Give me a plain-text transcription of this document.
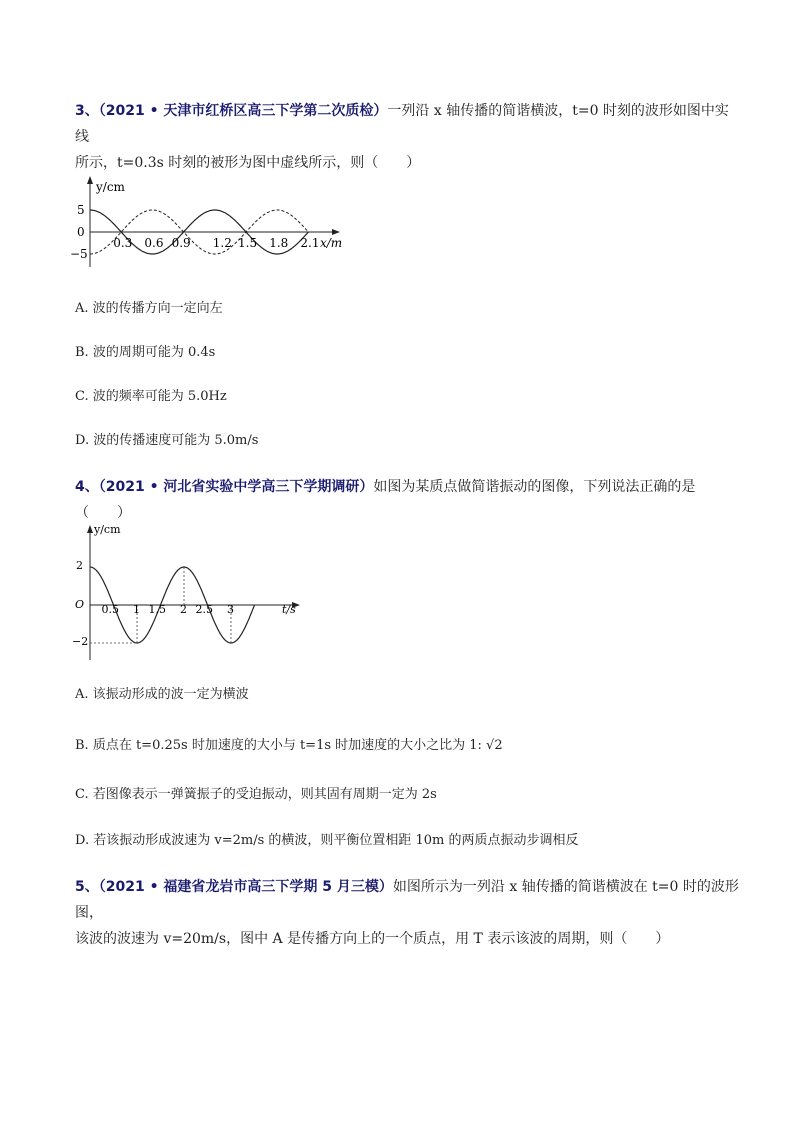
3、（2021 • 天津市红桥区高三下学第二次质检）一列沿 x 轴传播的简谐横波，t=0 时刻的波形如图中实线
所示，t=0.3s 时刻的被形为图中虚线所示，则（　　）
y/cm
x/m
5
0
−5
0.3 0.6 0.9 1.2 1.5 1.8 2.1
A. 波的传播方向一定向左
B. 波的周期可能为 0.4s
C. 波的频率可能为 5.0Hz
D. 波的传播速度可能为 5.0m/s
4、（2021 • 河北省实验中学高三下学期调研）如图为某质点做简谐振动的图像，下列说法正确的是（　　）
y/cm
t/s
O
2
−2
0.5 1 1.5 2 2.5 3
A. 该振动形成的波一定为横波
B. 质点在 t=0.25s 时加速度的大小与 t=1s 时加速度的大小之比为 1: √2
C. 若图像表示一弹簧振子的受迫振动，则其固有周期一定为 2s
D. 若该振动形成波速为 v=2m/s 的横波，则平衡位置相距 10m 的两质点振动步调相反
5、（2021 • 福建省龙岩市高三下学期 5 月三模）如图所示为一列沿 x 轴传播的简谐横波在 t=0 时的波形图，
该波的波速为 v=20m/s，图中 A 是传播方向上的一个质点，用 T 表示该波的周期，则（　　）
